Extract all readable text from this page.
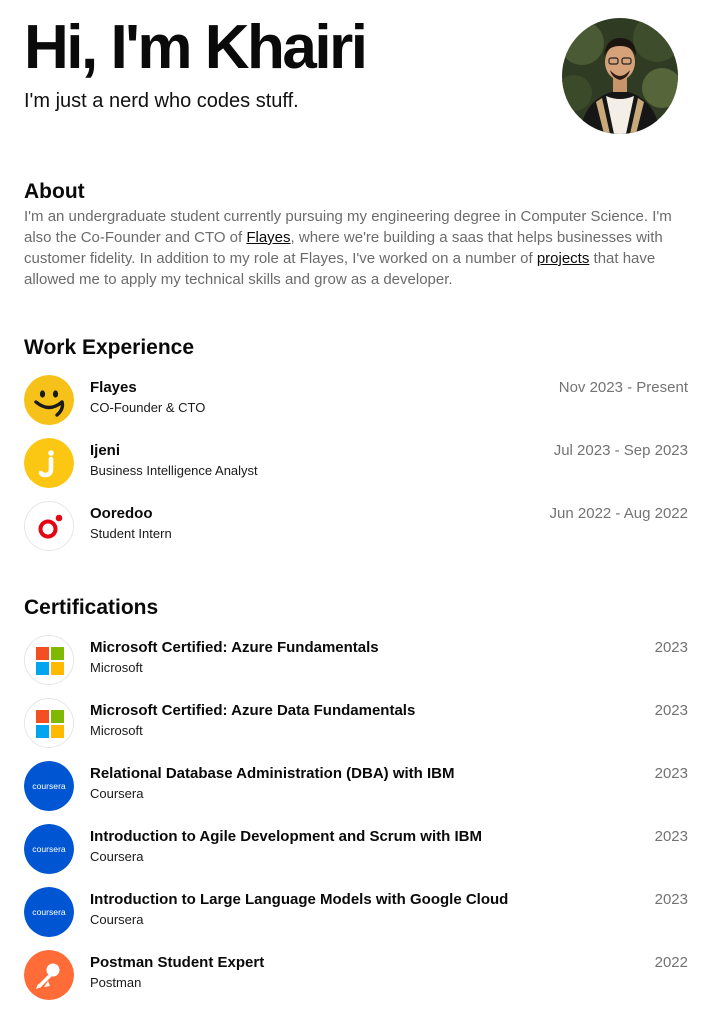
Hi, I'm Khairi
I'm just a nerd who codes stuff.
About

I'm an undergraduate student currently pursuing my engineering degree in Computer Science. I'm also the Co-Founder and CTO of Flayes, where we're building a saas that helps businesses with customer fidelity. In addition to my role at Flayes, I've worked on a number of projects that have allowed me to apply my technical skills and grow as a developer.

Work Experience
Flayes
CO-Founder & CTO
Nov 2023 - Present
Ijeni
Business Intelligence Analyst
Jul 2023 - Sep 2023
Ooredoo
Student Intern
Jun 2022 - Aug 2022
Certifications
Microsoft Certified: Azure Fundamentals
Microsoft
2023
Microsoft Certified: Azure Data Fundamentals
Microsoft
2023
coursera
Relational Database Administration (DBA) with IBM
Coursera
2023
coursera
Introduction to Agile Development and Scrum with IBM
Coursera
2023
coursera
Introduction to Large Language Models with Google Cloud
Coursera
2023
Postman Student Expert
Postman
2022
